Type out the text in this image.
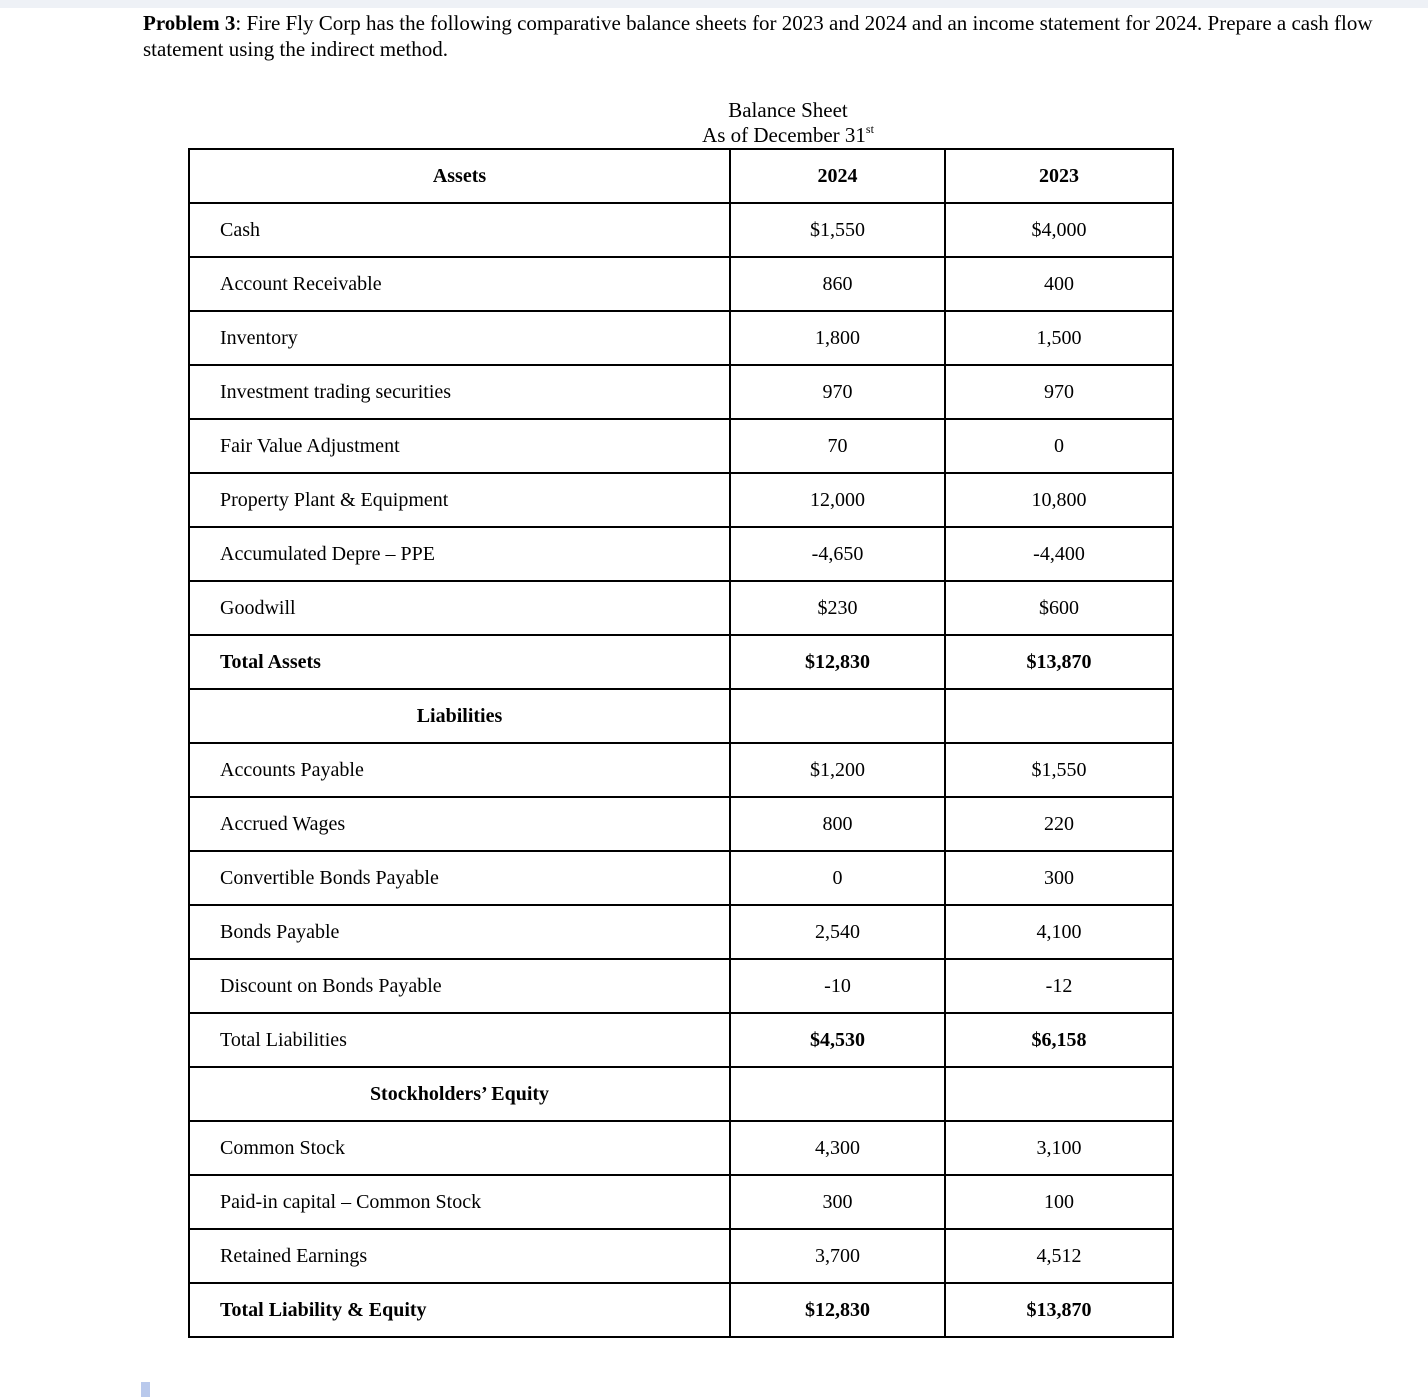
Problem 3: Fire Fly Corp has the following comparative balance sheets for 2023 and 2024 and an income statement for 2024. Prepare a cash flow statement using the indirect method.
Balance Sheet
As of December 31st
Assets	2024	2023
Cash	$1,550	$4,000
Account Receivable	860	400
Inventory	1,800	1,500
Investment trading securities	970	970
Fair Value Adjustment	70	0
Property Plant & Equipment	12,000	10,800
Accumulated Depre – PPE	-4,650	-4,400
Goodwill	$230	$600
Total Assets	$12,830	$13,870
Liabilities		
Accounts Payable	$1,200	$1,550
Accrued Wages	800	220
Convertible Bonds Payable	0	300
Bonds Payable	2,540	4,100
Discount on Bonds Payable	-10	-12
Total Liabilities	$4,530	$6,158
Stockholders’ Equity		
Common Stock	4,300	3,100
Paid-in capital – Common Stock	300	100
Retained Earnings	3,700	4,512
Total Liability & Equity	$12,830	$13,870
